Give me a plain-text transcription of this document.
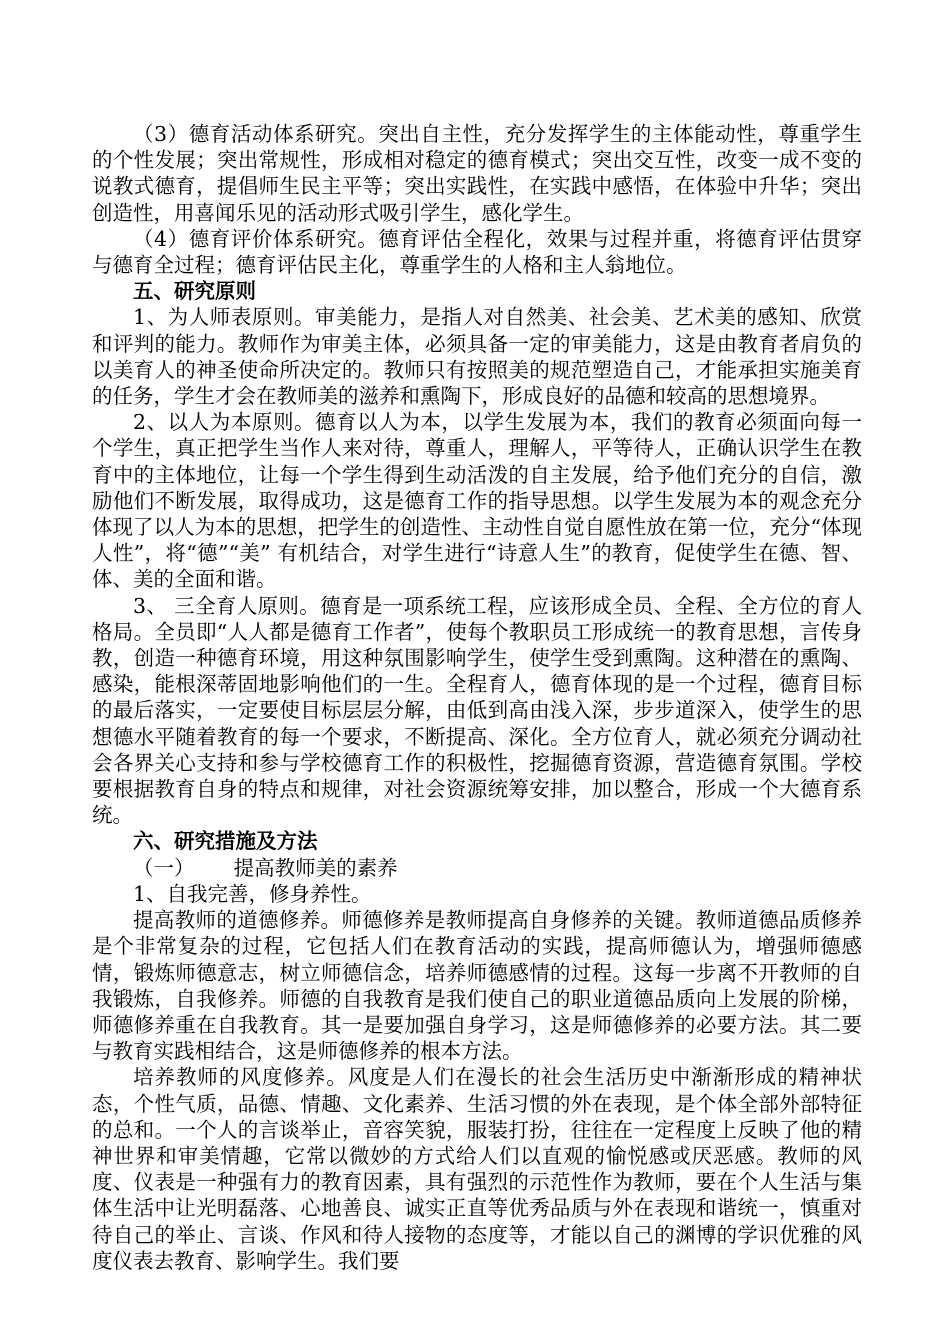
（3）德育活动体系研究。突出自主性，充分发挥学生的主体能动性，尊重学生的个性发展；突出常规性，形成相对稳定的德育模式；突出交互性，改变一成不变的说教式德育，提倡师生民主平等；突出实践性，在实践中感悟，在体验中升华；突出创造性，用喜闻乐见的活动形式吸引学生，感化学生。

（4）德育评价体系研究。德育评估全程化，效果与过程并重，将德育评估贯穿与德育全过程；德育评估民主化，尊重学生的人格和主人翁地位。

五、研究原则

1、为人师表原则。审美能力，是指人对自然美、社会美、艺术美的感知、欣赏和评判的能力。教师作为审美主体，必须具备一定的审美能力，这是由教育者肩负的以美育人的神圣使命所决定的。教师只有按照美的规范塑造自己，才能承担实施美育的任务，学生才会在教师美的滋养和熏陶下，形成良好的品德和较高的思想境界。

2、以人为本原则。德育以人为本，以学生发展为本，我们的教育必须面向每一个学生，真正把学生当作人来对待，尊重人，理解人，平等待人，正确认识学生在教育中的主体地位，让每一个学生得到生动活泼的自主发展，给予他们充分的自信，激励他们不断发展，取得成功，这是德育工作的指导思想。以学生发展为本的观念充分体现了以人为本的思想，把学生的创造性、主动性自觉自愿性放在第一位，充分“体现人性”，将“德”“美” 有机结合，对学生进行“诗意人生”的教育，促使学生在德、智、体、美的全面和谐。

3、 三全育人原则。德育是一项系统工程，应该形成全员、全程、全方位的育人格局。全员即“人人都是德育工作者”，使每个教职员工形成统一的教育思想，言传身教，创造一种德育环境，用这种氛围影响学生，使学生受到熏陶。这种潜在的熏陶、感染，能根深蒂固地影响他们的一生。全程育人，德育体现的是一个过程，德育目标的最后落实，一定要使目标层层分解，由低到高由浅入深，步步道深入，使学生的思想德水平随着教育的每一个要求，不断提高、深化。全方位育人，就必须充分调动社会各界关心支持和参与学校德育工作的积极性，挖掘德育资源，营造德育氛围。学校要根据教育自身的特点和规律，对社会资源统筹安排，加以整合，形成一个大德育系统。

六、研究措施及方法

（一）      提高教师美的素养

1、自我完善，修身养性。

提高教师的道德修养。师德修养是教师提高自身修养的关键。教师道德品质修养是个非常复杂的过程，它包括人们在教育活动的实践，提高师德认为，增强师德感情，锻炼师德意志，树立师德信念，培养师德感情的过程。这每一步离不开教师的自我锻炼，自我修养。师德的自我教育是我们使自己的职业道德品质向上发展的阶梯，师德修养重在自我教育。其一是要加强自身学习，这是师德修养的必要方法。其二要与教育实践相结合，这是师德修养的根本方法。

培养教师的风度修养。风度是人们在漫长的社会生活历史中渐渐形成的精神状态，个性气质，品德、情趣、文化素养、生活习惯的外在表现，是个体全部外部特征的总和。一个人的言谈举止，音容笑貌，服装打扮，往往在一定程度上反映了他的精神世界和审美情趣，它常以微妙的方式给人们以直观的愉悦感或厌恶感。教师的风度、仪表是一种强有力的教育因素，具有强烈的示范性作为教师，要在个人生活与集体生活中让光明磊落、心地善良、诚实正直等优秀品质与外在表现和谐统一，慎重对待自己的举止、言谈、作风和待人接物的态度等，才能以自己的渊博的学识优雅的风度仪表去教育、影响学生。我们要
